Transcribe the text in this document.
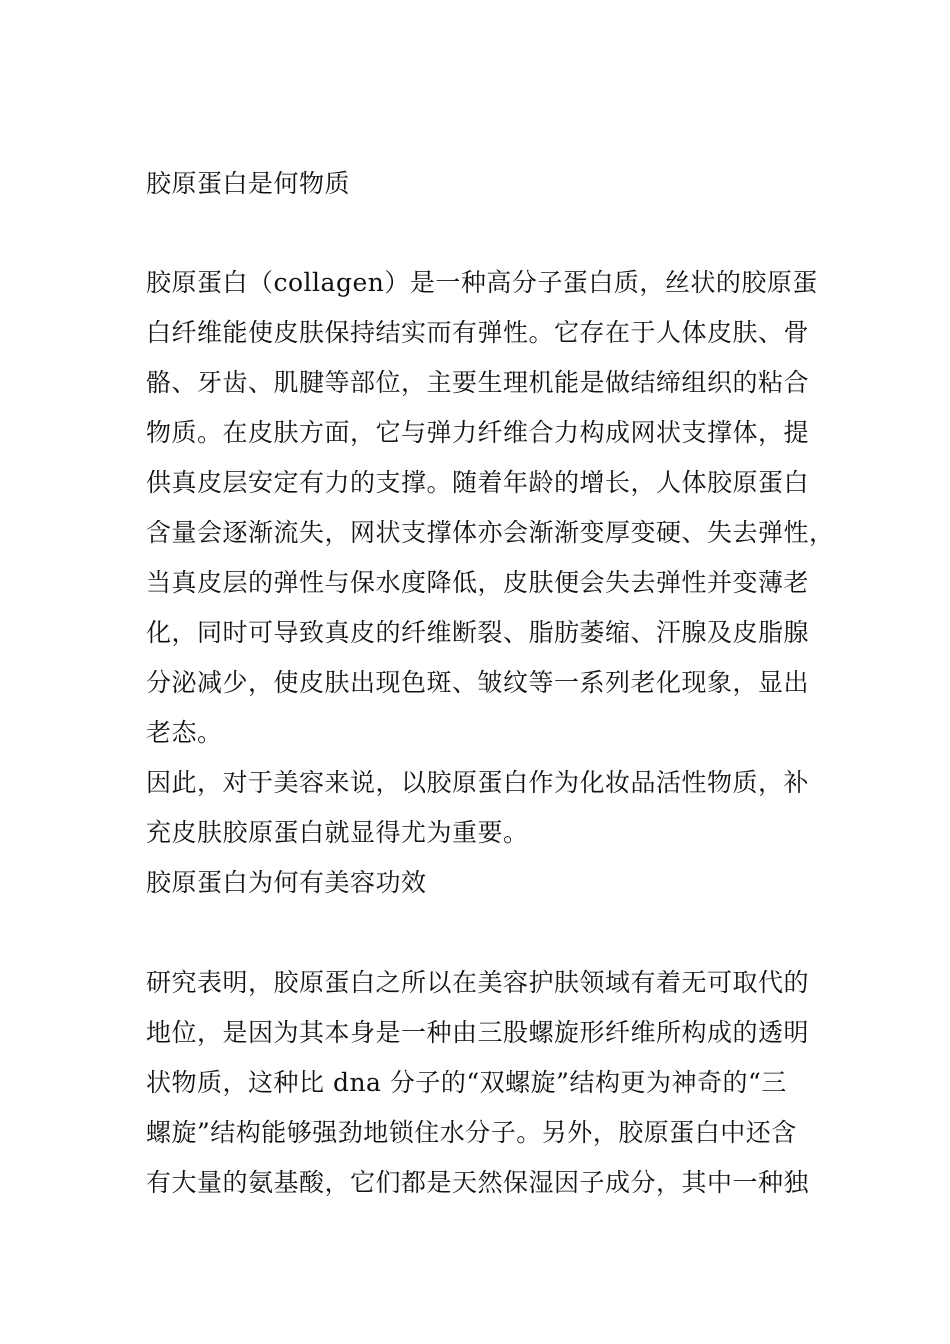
胶原蛋白是何物质
胶原蛋白（collagen）是一种高分子蛋白质，丝状的胶原蛋
白纤维能使皮肤保持结实而有弹性。它存在于人体皮肤、骨
骼、牙齿、肌腱等部位，主要生理机能是做结缔组织的粘合
物质。在皮肤方面，它与弹力纤维合力构成网状支撑体，提
供真皮层安定有力的支撑。随着年龄的增长，人体胶原蛋白
含量会逐渐流失，网状支撑体亦会渐渐变厚变硬、失去弹性，
当真皮层的弹性与保水度降低，皮肤便会失去弹性并变薄老
化，同时可导致真皮的纤维断裂、脂肪萎缩、汗腺及皮脂腺
分泌减少，使皮肤出现色斑、皱纹等一系列老化现象，显出
老态。
因此，对于美容来说，以胶原蛋白作为化妆品活性物质，补
充皮肤胶原蛋白就显得尤为重要。
胶原蛋白为何有美容功效
研究表明，胶原蛋白之所以在美容护肤领域有着无可取代的
地位，是因为其本身是一种由三股螺旋形纤维所构成的透明
状物质，这种比 dna 分子的“双螺旋”结构更为神奇的“三
螺旋”结构能够强劲地锁住水分子。另外，胶原蛋白中还含
有大量的氨基酸，它们都是天然保湿因子成分，其中一种独
